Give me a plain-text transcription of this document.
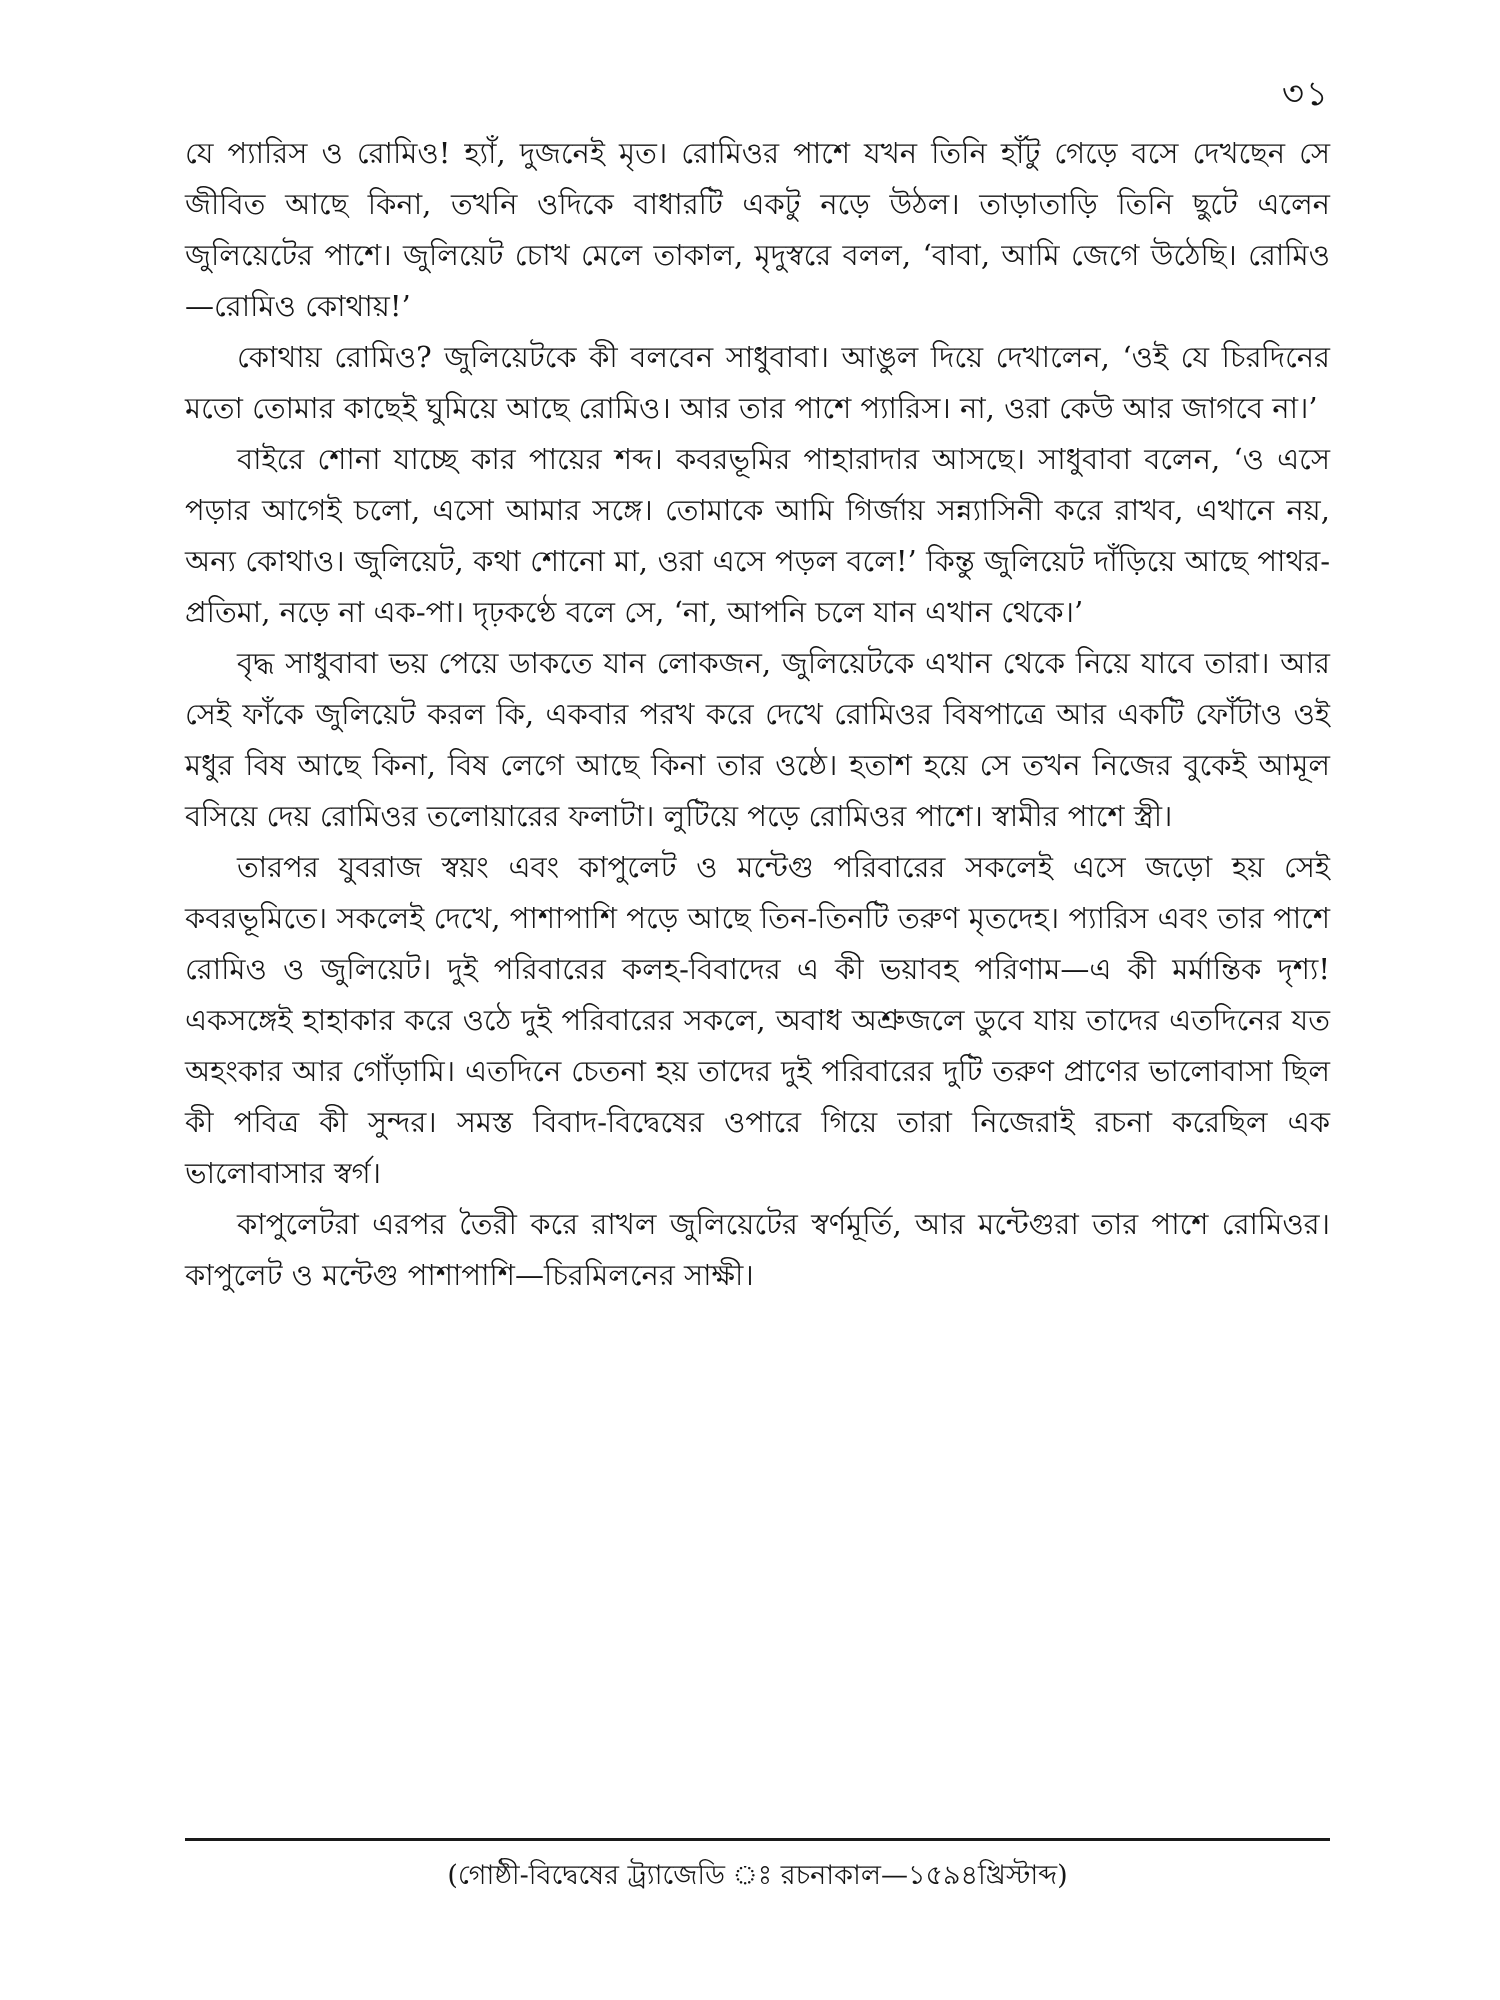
৩১

যে প্যারিস ও রোমিও! হ্যাঁ, দুজনেই মৃত। রোমিওর পাশে যখন তিনি হাঁটু গেড়ে বসে দেখছেন সে জীবিত আছে কিনা, তখনি ওদিকে বাধারটি একটু নড়ে উঠল। তাড়াতাড়ি তিনি ছুটে এলেন জুলিয়েটের পাশে। জুলিয়েট চোখ মেলে তাকাল, মৃদুস্বরে বলল, ‘বাবা, আমি জেগে উঠেছি। রোমিও—রোমিও কোথায়!’

কোথায় রোমিও? জুলিয়েটকে কী বলবেন সাধুবাবা। আঙুল দিয়ে দেখালেন, ‘ওই যে চিরদিনের মতো তোমার কাছেই ঘুমিয়ে আছে রোমিও। আর তার পাশে প্যারিস। না, ওরা কেউ আর জাগবে না।’

বাইরে শোনা যাচ্ছে কার পায়ের শব্দ। কবরভূমির পাহারাদার আসছে। সাধুবাবা বলেন, ‘ও এসে পড়ার আগেই চলো, এসো আমার সঙ্গে। তোমাকে আমি গির্জায় সন্ন্যাসিনী করে রাখব, এখানে নয়, অন্য কোথাও। জুলিয়েট, কথা শোনো মা, ওরা এসে পড়ল বলে!’ কিন্তু জুলিয়েট দাঁড়িয়ে আছে পাথর-প্রতিমা, নড়ে না এক-পা। দৃঢ়কণ্ঠে বলে সে, ‘না, আপনি চলে যান এখান থেকে।’

বৃদ্ধ সাধুবাবা ভয় পেয়ে ডাকতে যান লোকজন, জুলিয়েটকে এখান থেকে নিয়ে যাবে তারা। আর সেই ফাঁকে জুলিয়েট করল কি, একবার পরখ করে দেখে রোমিওর বিষপাত্রে আর একটি ফোঁটাও ওই মধুর বিষ আছে কিনা, বিষ লেগে আছে কিনা তার ওষ্ঠে। হতাশ হয়ে সে তখন নিজের বুকেই আমূল বসিয়ে দেয় রোমিওর তলোয়ারের ফলাটা। লুটিয়ে পড়ে রোমিওর পাশে। স্বামীর পাশে স্ত্রী।

তারপর যুবরাজ স্বয়ং এবং কাপুলেট ও মন্টেগু পরিবারের সকলেই এসে জড়ো হয় সেই কবরভূমিতে। সকলেই দেখে, পাশাপাশি পড়ে আছে তিন-তিনটি তরুণ মৃতদেহ। প্যারিস এবং তার পাশে রোমিও ও জুলিয়েট। দুই পরিবারের কলহ-বিবাদের এ কী ভয়াবহ পরিণাম—এ কী মর্মান্তিক দৃশ্য! একসঙ্গেই হাহাকার করে ওঠে দুই পরিবারের সকলে, অবাধ অশ্রুজলে ডুবে যায় তাদের এতদিনের যত অহংকার আর গোঁড়ামি। এতদিনে চেতনা হয় তাদের দুই পরিবারের দুটি তরুণ প্রাণের ভালোবাসা ছিল কী পবিত্র কী সুন্দর। সমস্ত বিবাদ-বিদ্বেষের ওপারে গিয়ে তারা নিজেরাই রচনা করেছিল এক ভালোবাসার স্বর্গ।

কাপুলেটরা এরপর তৈরী করে রাখল জুলিয়েটের স্বর্ণমূর্তি, আর মন্টেগুরা তার পাশে রোমিওর। কাপুলেট ও মন্টেগু পাশাপাশি—চিরমিলনের সাক্ষী।

(গোষ্ঠী-বিদ্বেষের ট্র্যাজেডি ঃ রচনাকাল—১৫৯৪খ্রিস্টাব্দ)
